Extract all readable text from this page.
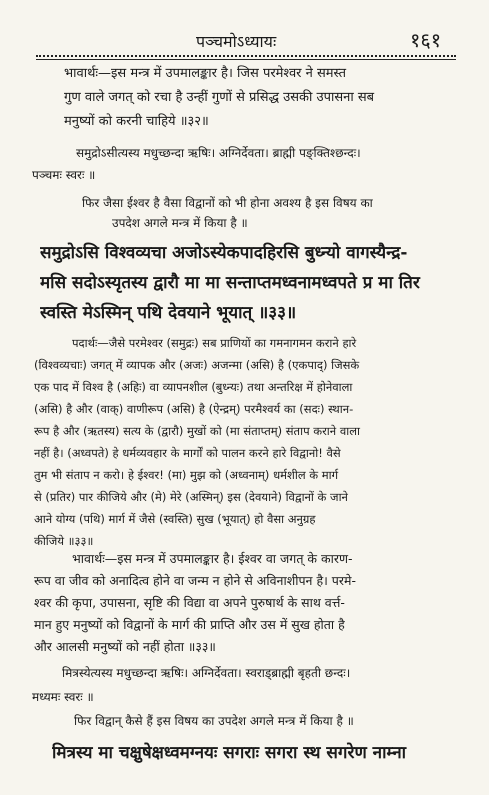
पञ्चमोऽध्यायः	१६१
भावार्थः—इस मन्त्र में उपमालङ्कार है। जिस परमेश्वर ने समस्त
गुण वाले जगत् को रचा है उन्हीं गुणों से प्रसिद्ध उसकी उपासना सब
मनुष्यों को करनी चाहिये ॥३२॥
समुद्रोऽसीत्यस्य मधुच्छन्दा ऋषिः। अग्निर्देवता। ब्राह्मी पङ्क्तिश्छन्दः।
पञ्चमः स्वरः ॥
फिर जैसा ईश्वर है वैसा विद्वानों को भी होना अवश्य है इस विषय का
उपदेश अगले मन्त्र में किया है ॥
समुद्रोऽसि विश्वव्यचा अजोऽस्येकपादहिरसि बुध्न्यो वागस्यैन्द्र-
मसि सदोऽस्यृतस्य द्वारौ मा मा सन्ताप्तमध्वनामध्वपते प्र मा तिर
स्वस्ति मेऽस्मिन् पथि देवयाने भूयात् ॥३३॥
पदार्थः—जैसे परमेश्वर (समुद्रः) सब प्राणियों का गमनागमन कराने हारे
(विश्वव्यचाः) जगत् में व्यापक और (अजः) अजन्मा (असि) है (एकपाद्) जिसके
एक पाद में विश्व है (अहिः) वा व्यापनशील (बुध्न्यः) तथा अन्तरिक्ष में होनेवाला
(असि) है और (वाक्) वाणीरूप (असि) है (ऐन्द्रम्) परमैश्वर्य का (सदः) स्थान-
रूप है और (ऋतस्य) सत्य के (द्वारौ) मुखों को (मा संताप्तम्) संताप कराने वाला
नहीं है। (अध्वपते) हे धर्मव्यवहार के मार्गों को पालन करने हारे विद्वानो! वैसे
तुम भी संताप न करो। हे ईश्वर! (मा) मुझ को (अध्वनाम्) धर्मशील के मार्ग
से (प्रतिर) पार कीजिये और (मे) मेरे (अस्मिन्) इस (देवयाने) विद्वानों के जाने
आने योग्य (पथि) मार्ग में जैसे (स्वस्ति) सुख (भूयात्) हो वैसा अनुग्रह
कीजिये ॥३३॥
भावार्थः—इस मन्त्र में उपमालङ्कार है। ईश्वर वा जगत् के कारण-
रूप वा जीव को अनादित्व होने वा जन्म न होने से अविनाशीपन है। परमे-
श्वर की कृपा, उपासना, सृष्टि की विद्या वा अपने पुरुषार्थ के साथ वर्त्त-
मान हुए मनुष्यों को विद्वानों के मार्ग की प्राप्ति और उस में सुख होता है
और आलसी मनुष्यों को नहीं होता ॥३३॥
मित्रस्येत्यस्य मधुच्छन्दा ऋषिः। अग्निर्देवता। स्वराड्ब्राह्मी बृहती छन्दः।
मध्यमः स्वरः ॥
फिर विद्वान् कैसे हैं इस विषय का उपदेश अगले मन्त्र में किया है ॥
मित्रस्य मा चक्षुषेक्षध्वमग्नयः सगराः सगरा स्थ सगरेण नाम्ना
